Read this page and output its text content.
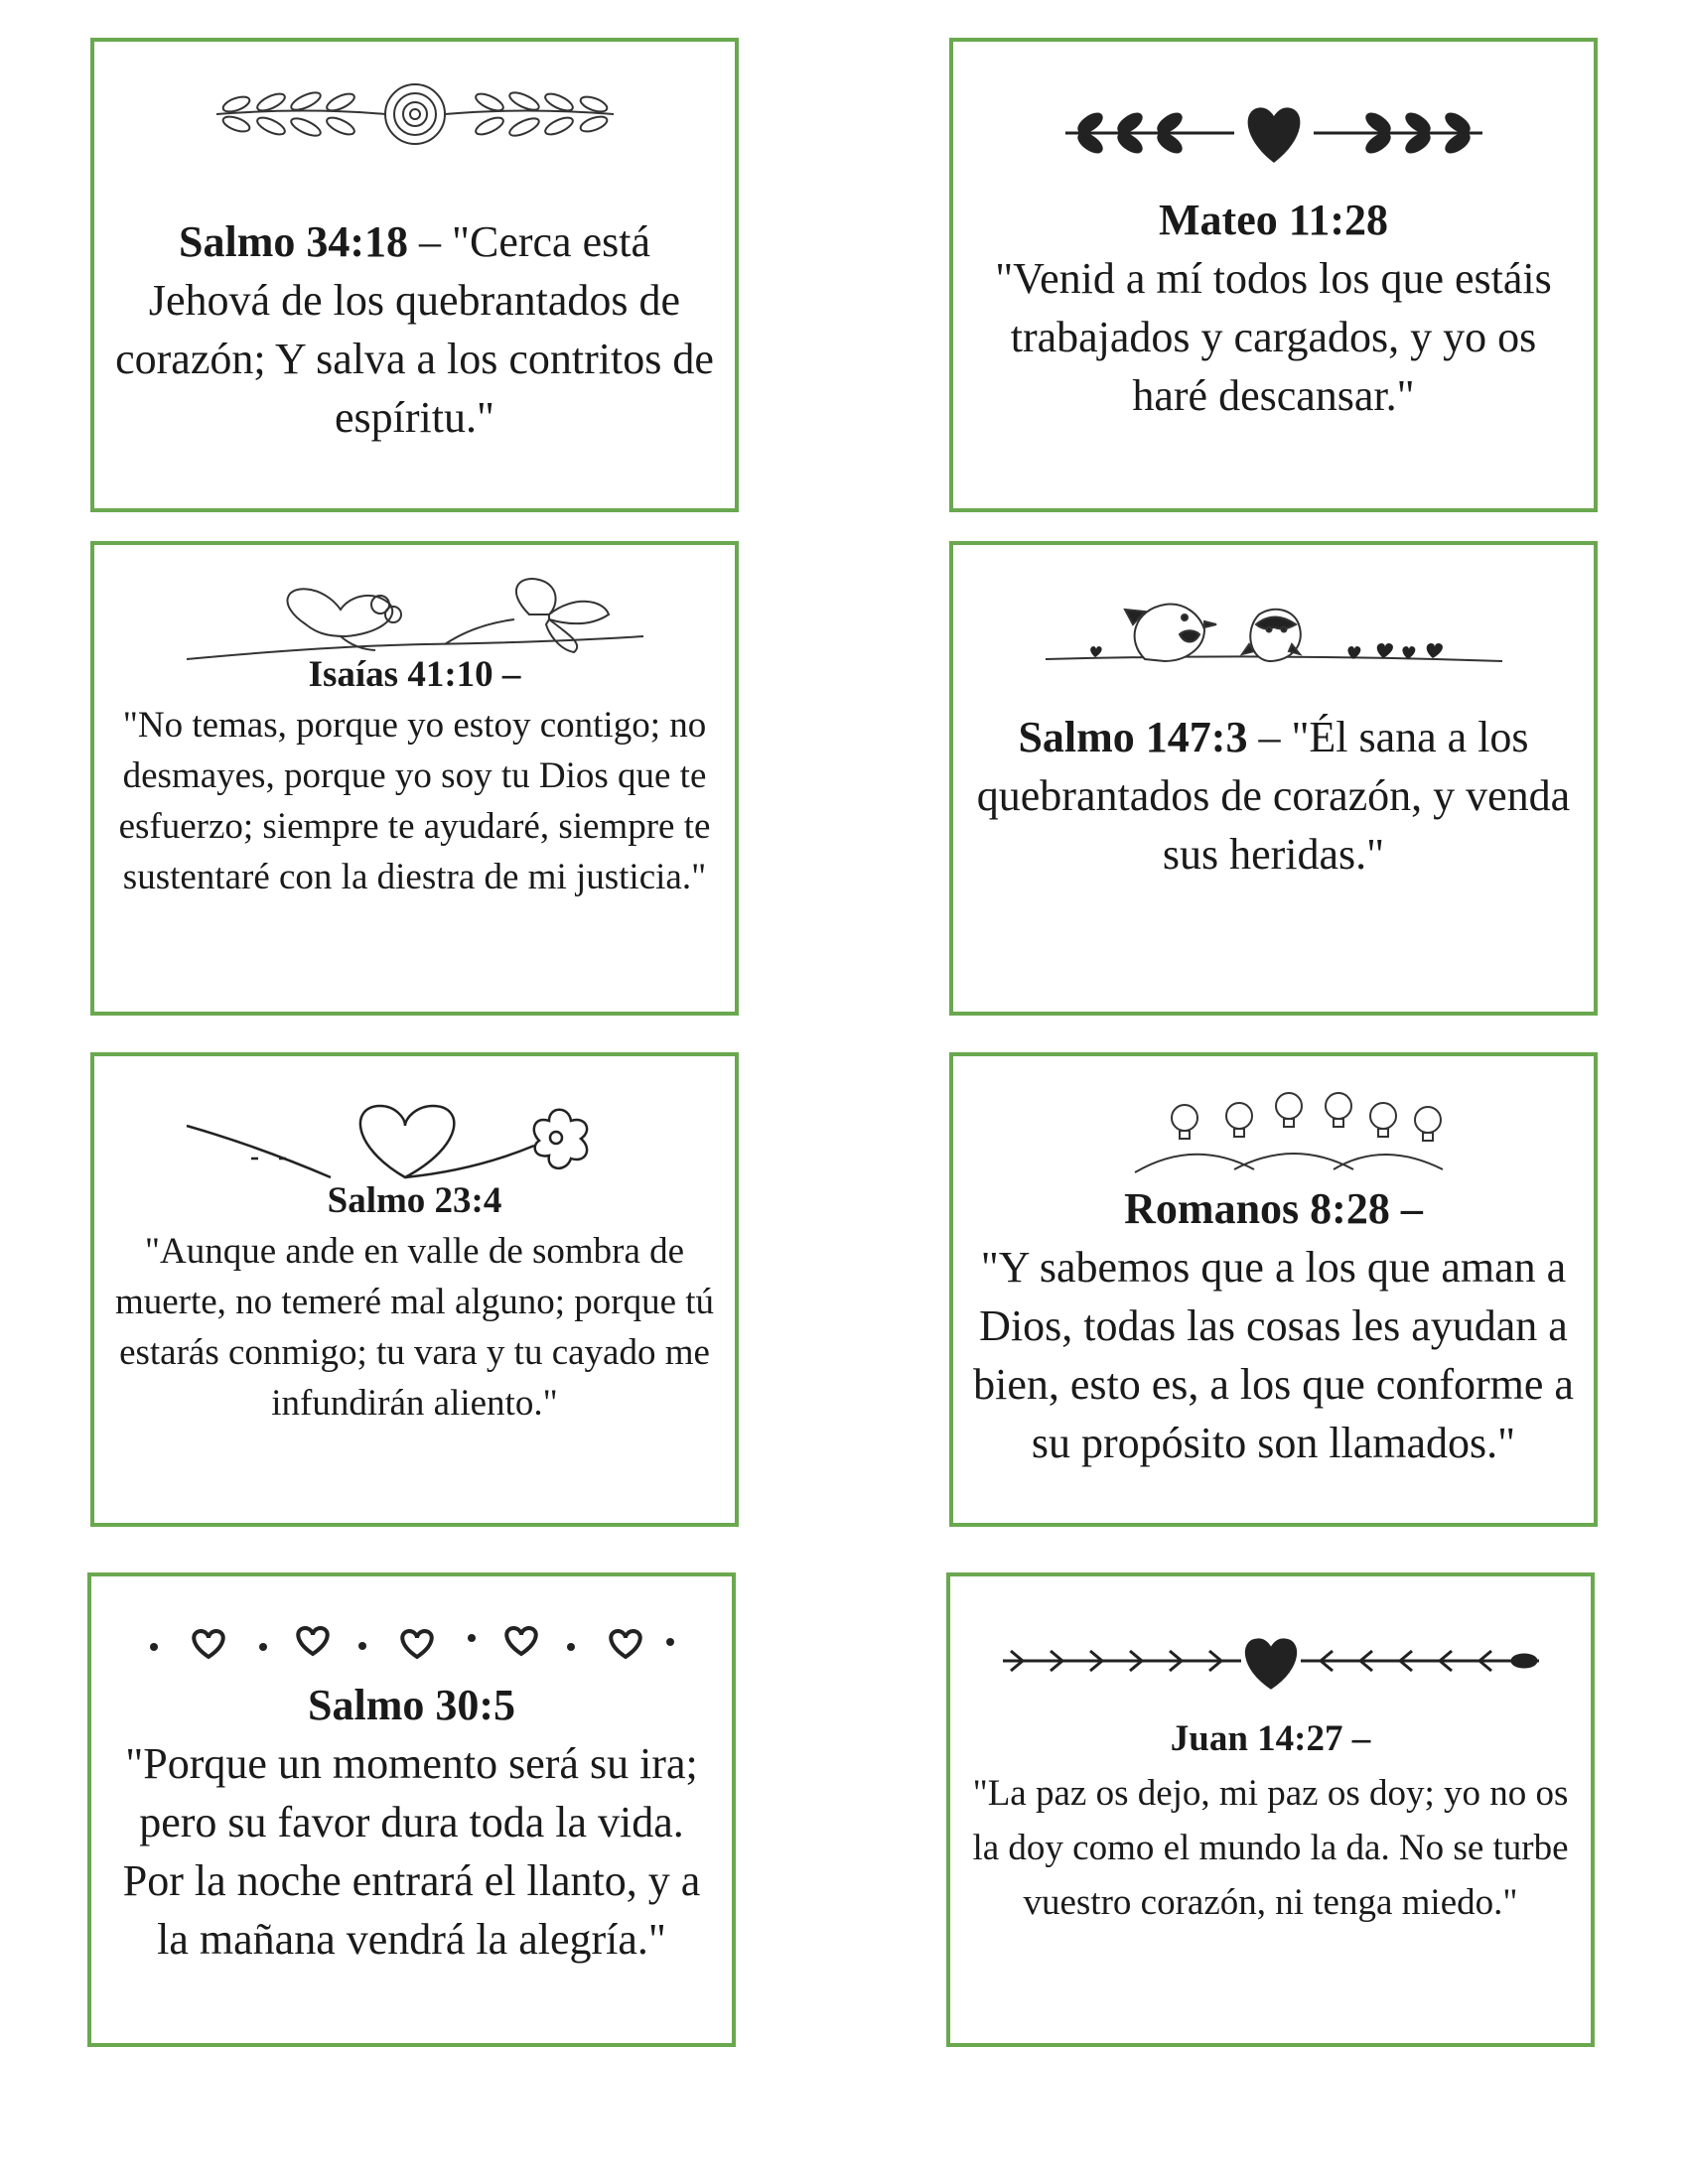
Salmo 34:18 – "Cerca está Jehová de los quebrantados de corazón; Y salva a los contritos de espíritu."
Mateo 11:28
"Venid a mí todos los que estáis trabajados y cargados, y yo os haré descansar."
Isaías 41:10 –
"No temas, porque yo estoy contigo; no desmayes, porque yo soy tu Dios que te esfuerzo; siempre te ayudaré, siempre te sustentaré con la diestra de mi justicia."
Salmo 147:3 – "Él sana a los quebrantados de corazón, y venda sus heridas."
Salmo 23:4
"Aunque ande en valle de sombra de muerte, no temeré mal alguno; porque tú estarás conmigo; tu vara y tu cayado me infundirán aliento."
Romanos 8:28 –
"Y sabemos que a los que aman a Dios, todas las cosas les ayudan a bien, esto es, a los que conforme a su propósito son llamados."
Salmo 30:5
"Porque un momento será su ira; pero su favor dura toda la vida. Por la noche entrará el llanto, y a la mañana vendrá la alegría."
Juan 14:27 –
"La paz os dejo, mi paz os doy; yo no os la doy como el mundo la da. No se turbe vuestro corazón, ni tenga miedo."
